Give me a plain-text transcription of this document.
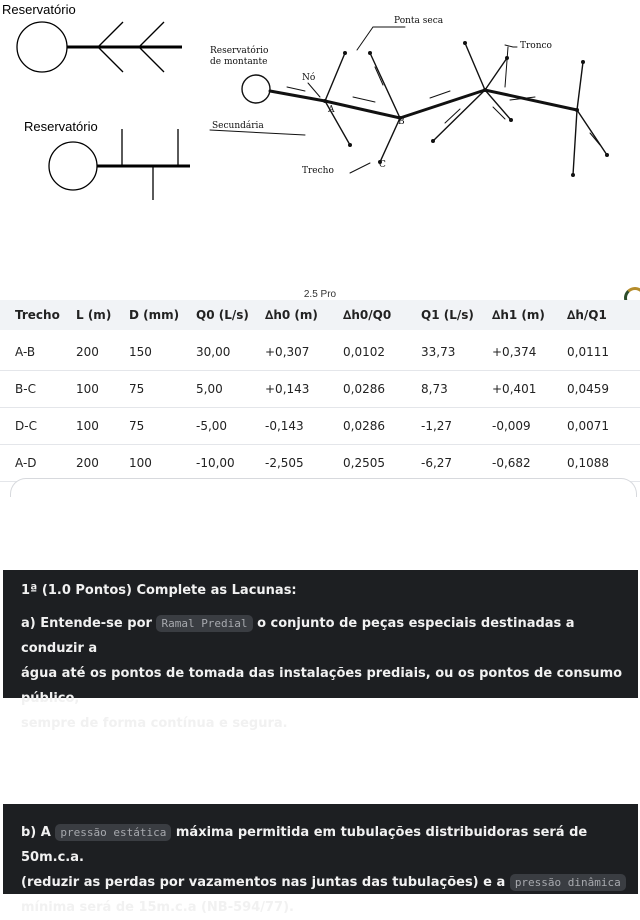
Reservatório
Reservatório
Ponta seca
Tronco
Reservatório
de montante
Nó
Secundária
Trecho
A
B
C
2.5 Pro
Trecho	L (m)	D (mm)	Q0 (L/s)	∆h0 (m)	∆h0/Q0	Q1 (L/s)	∆h1 (m)	∆h/Q1
A-B	200	150	30,00	+0,307	0,0102	33,73	+0,374	0,0111
B-C	100	75	5,00	+0,143	0,0286	8,73	+0,401	0,0459
D-C	100	75	-5,00	-0,143	0,0286	-1,27	-0,009	0,0071
A-D	200	100	-10,00	-2,505	0,2505	-6,27	-0,682	0,1088
1ª (1.0 Pontos) Complete as Lacunas:
a) Entende-se por Ramal Predial o conjunto de peças especiais destinadas a conduzir a
água até os pontos de tomada das instalações prediais, ou os pontos de consumo público,
sempre de forma contínua e segura.
b) A pressão estática máxima permitida em tubulações distribuidoras será de 50m.c.a.
(reduzir as perdas por vazamentos nas juntas das tubulações) e a pressão dinâmica
mínima será de 15m.c.a (NB-594/77).
